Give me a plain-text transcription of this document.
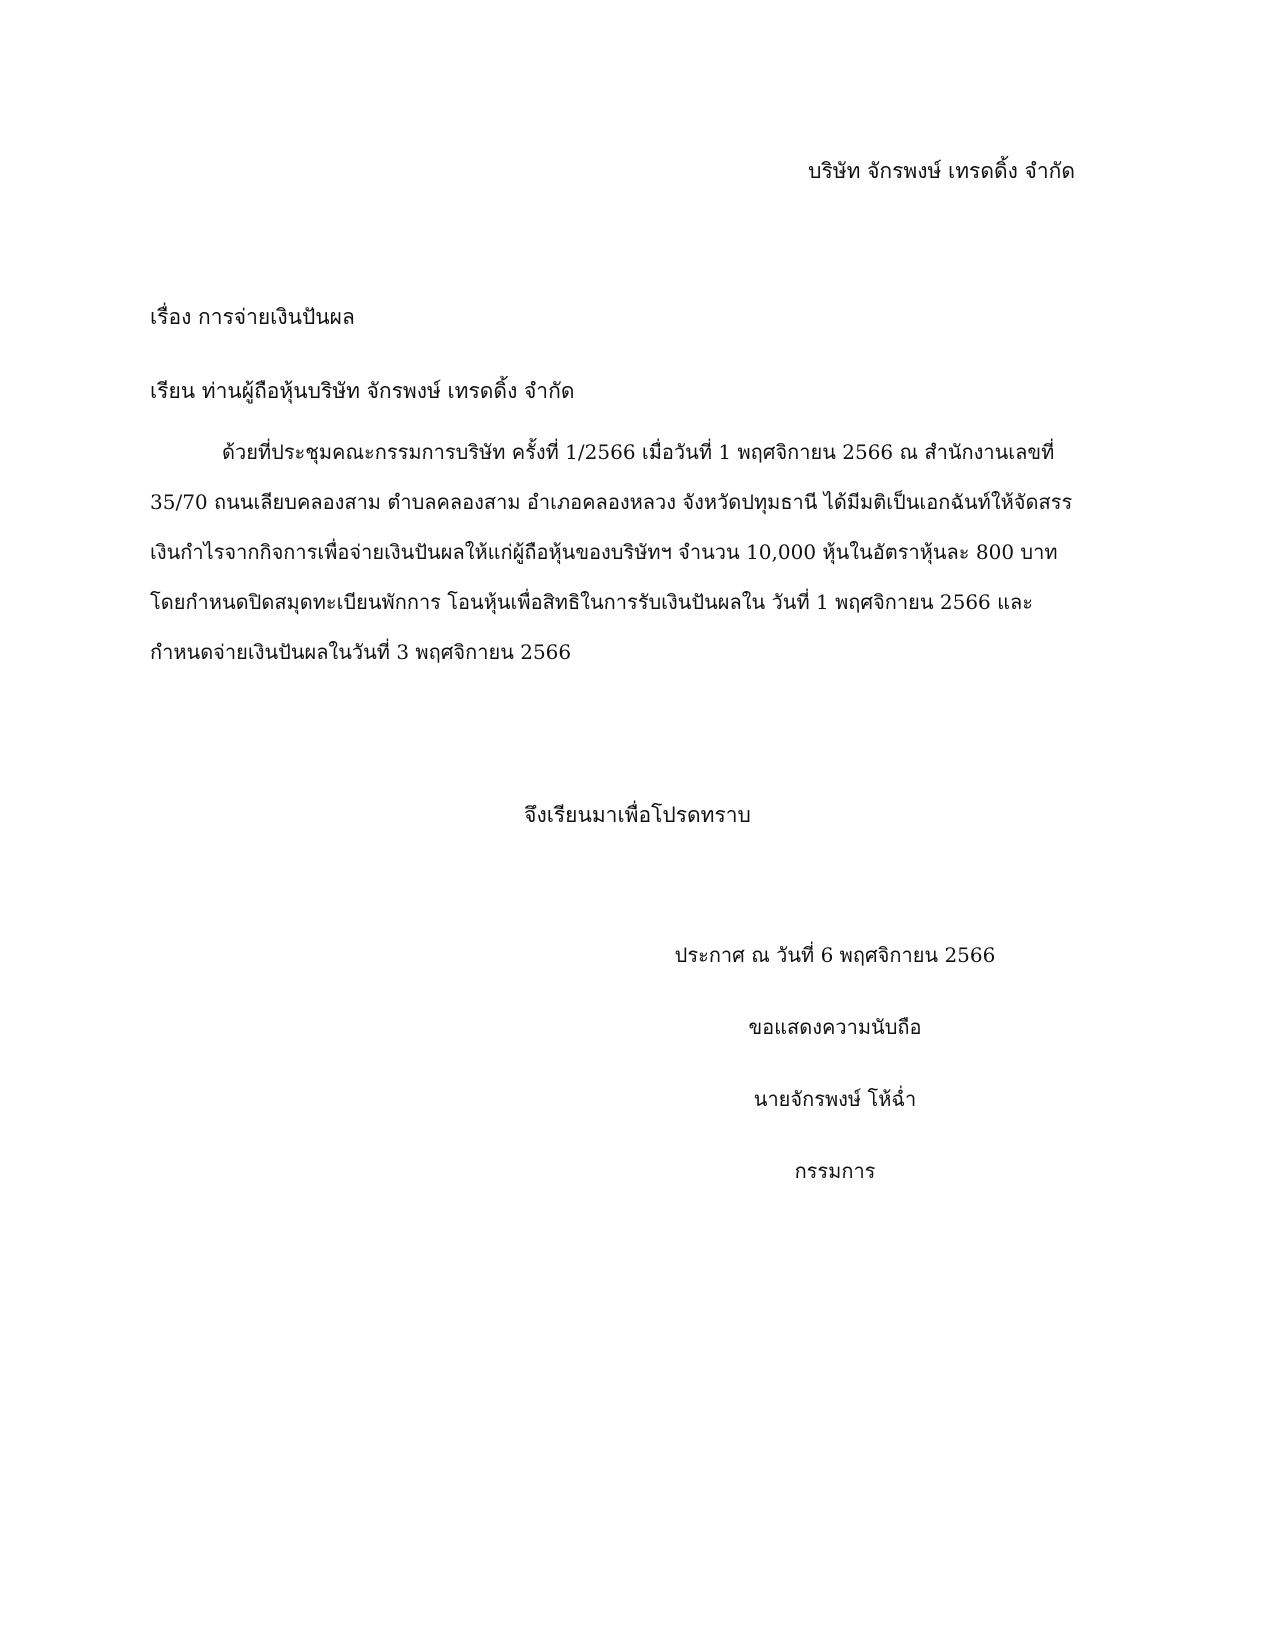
บริษัท จักรพงษ์ เทรดดิ้ง จำกัด
เรื่อง การจ่ายเงินปันผล
เรียน ท่านผู้ถือหุ้นบริษัท จักรพงษ์ เทรดดิ้ง จำกัด
ด้วยที่ประชุมคณะกรรมการบริษัท ครั้งที่ 1/2566 เมื่อวันที่ 1 พฤศจิกายน 2566 ณ สำนักงานเลขที่
35/70 ถนนเลียบคลองสาม ตำบลคลองสาม อำเภอคลองหลวง จังหวัดปทุมธานี ได้มีมติเป็นเอกฉันท์ให้จัดสรร
เงินกำไรจากกิจการเพื่อจ่ายเงินปันผลให้แก่ผู้ถือหุ้นของบริษัทฯ จำนวน 10,000 หุ้นในอัตราหุ้นละ 800 บาท
โดยกำหนดปิดสมุดทะเบียนพักการ โอนหุ้นเพื่อสิทธิในการรับเงินปันผลใน วันที่ 1 พฤศจิกายน 2566 และ
กำหนดจ่ายเงินปันผลในวันที่ 3 พฤศจิกายน 2566
จึงเรียนมาเพื่อโปรดทราบ
ประกาศ ณ วันที่ 6 พฤศจิกายน 2566
ขอแสดงความนับถือ
นายจักรพงษ์ โห้ฉ่ำ
กรรมการ
